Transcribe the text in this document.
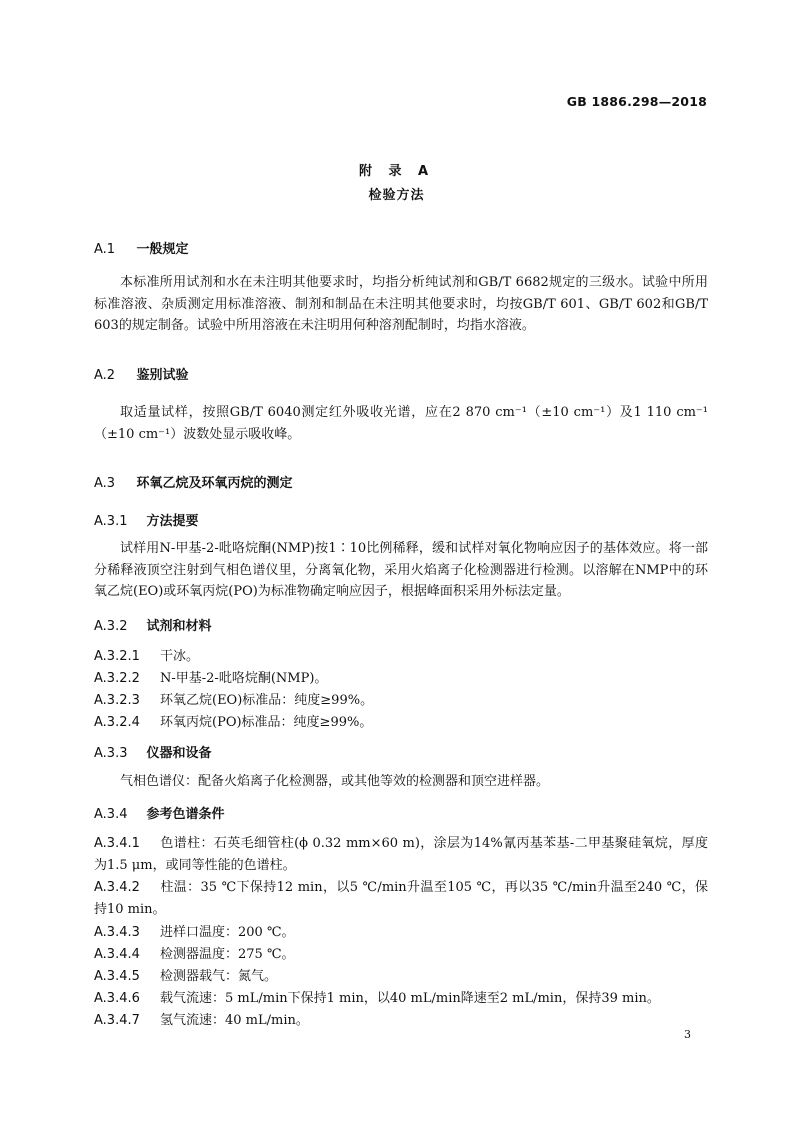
GB 1886.298—2018
附 录 A
检验方法
A.1 一般规定

本标准所用试剂和水在未注明其他要求时，均指分析纯试剂和GB/T 6682规定的三级水。试验中所用标准溶液、杂质测定用标准溶液、制剂和制品在未注明其他要求时，均按GB/T 601、GB/T 602和GB/T 603的规定制备。试验中所用溶液在未注明用何种溶剂配制时，均指水溶液。

A.2 鉴别试验

取适量试样，按照GB/T 6040测定红外吸收光谱，应在2 870 cm⁻¹（±10 cm⁻¹）及1 110 cm⁻¹（±10 cm⁻¹）波数处显示吸收峰。

A.3 环氧乙烷及环氧丙烷的测定
A.3.1 方法提要

试样用N-甲基-2-吡咯烷酮(NMP)按1∶10比例稀释，缓和试样对氧化物响应因子的基体效应。将一部分稀释液顶空注射到气相色谱仪里，分离氧化物，采用火焰离子化检测器进行检测。以溶解在NMP中的环氧乙烷(EO)或环氧丙烷(PO)为标准物确定响应因子，根据峰面积采用外标法定量。

A.3.2 试剂和材料
A.3.2.1 干冰。
A.3.2.2 N-甲基-2-吡咯烷酮(NMP)。
A.3.2.3 环氧乙烷(EO)标准品：纯度≥99%。
A.3.2.4 环氧丙烷(PO)标准品：纯度≥99%。
A.3.3 仪器和设备

气相色谱仪：配备火焰离子化检测器，或其他等效的检测器和顶空进样器。

A.3.4 参考色谱条件

A.3.4.1 色谱柱：石英毛细管柱(ϕ 0.32 mm×60 m)，涂层为14%氰丙基苯基-二甲基聚硅氧烷，厚度为1.5 μm，或同等性能的色谱柱。

A.3.4.2 柱温：35 ℃下保持12 min，以5 ℃/min升温至105 ℃，再以35 ℃/min升温至240 ℃，保持10 min。

A.3.4.3 进样口温度：200 ℃。
A.3.4.4 检测器温度：275 ℃。
A.3.4.5 检测器载气：氮气。
A.3.4.6 载气流速：5 mL/min下保持1 min，以40 mL/min降速至2 mL/min，保持39 min。
A.3.4.7 氢气流速：40 mL/min。
3
